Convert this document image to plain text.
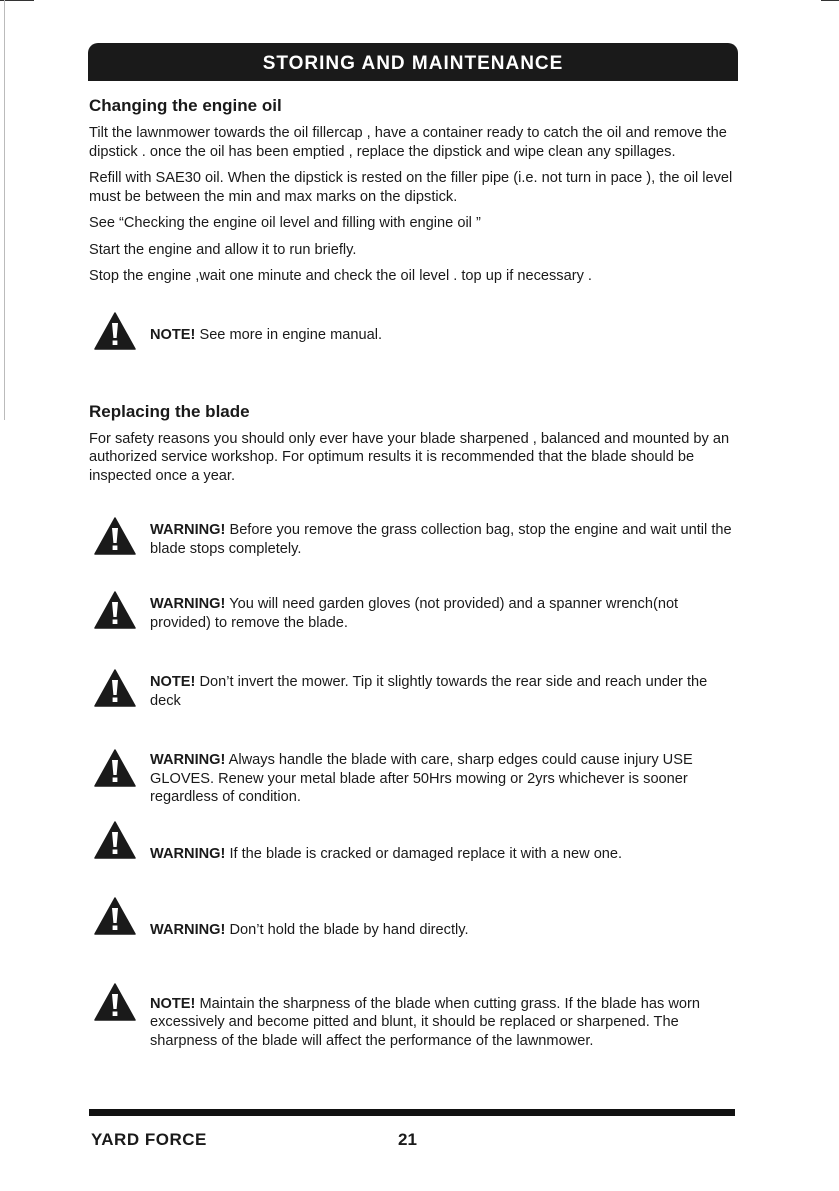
STORING AND MAINTENANCE
Changing the engine oil

Tilt the lawnmower towards the oil fillercap , have a container ready to catch the oil and remove the dipstick . once the oil has been emptied , replace the dipstick and wipe clean any spillages.

Refill with SAE30 oil. When the dipstick is rested on the filler pipe (i.e. not turn in pace ), the oil level must be between the min and max marks on the dipstick.

See “Checking the engine oil level and filling with engine oil ”

Start the engine and allow it to run briefly.

Stop the engine ,wait one minute and check the oil level . top up if necessary .

NOTE! See more in engine manual.
Replacing the blade

For safety reasons you should only ever have your blade sharpened , balanced and mounted by an authorized service workshop. For optimum results it is recommended that the blade should be inspected once a year.

WARNING! Before you remove the grass collection bag, stop the engine and wait until the blade stops completely.
WARNING! You will need garden gloves (not provided) and a spanner wrench(not provided) to remove the blade.
NOTE! Don’t invert the mower. Tip it slightly towards the rear side and reach under the deck
WARNING! Always handle the blade with care, sharp edges could cause injury USE GLOVES. Renew your metal blade after 50Hrs mowing or 2yrs whichever is sooner regardless of condition.
WARNING! If the blade is cracked or damaged replace it with a new one.
WARNING! Don’t hold the blade by hand directly.
NOTE! Maintain the sharpness of the blade when cutting grass. If the blade has worn excessively and become pitted and blunt, it should be replaced or sharpened. The sharpness of the blade will affect the performance of the lawnmower.
YARD FORCE	21
